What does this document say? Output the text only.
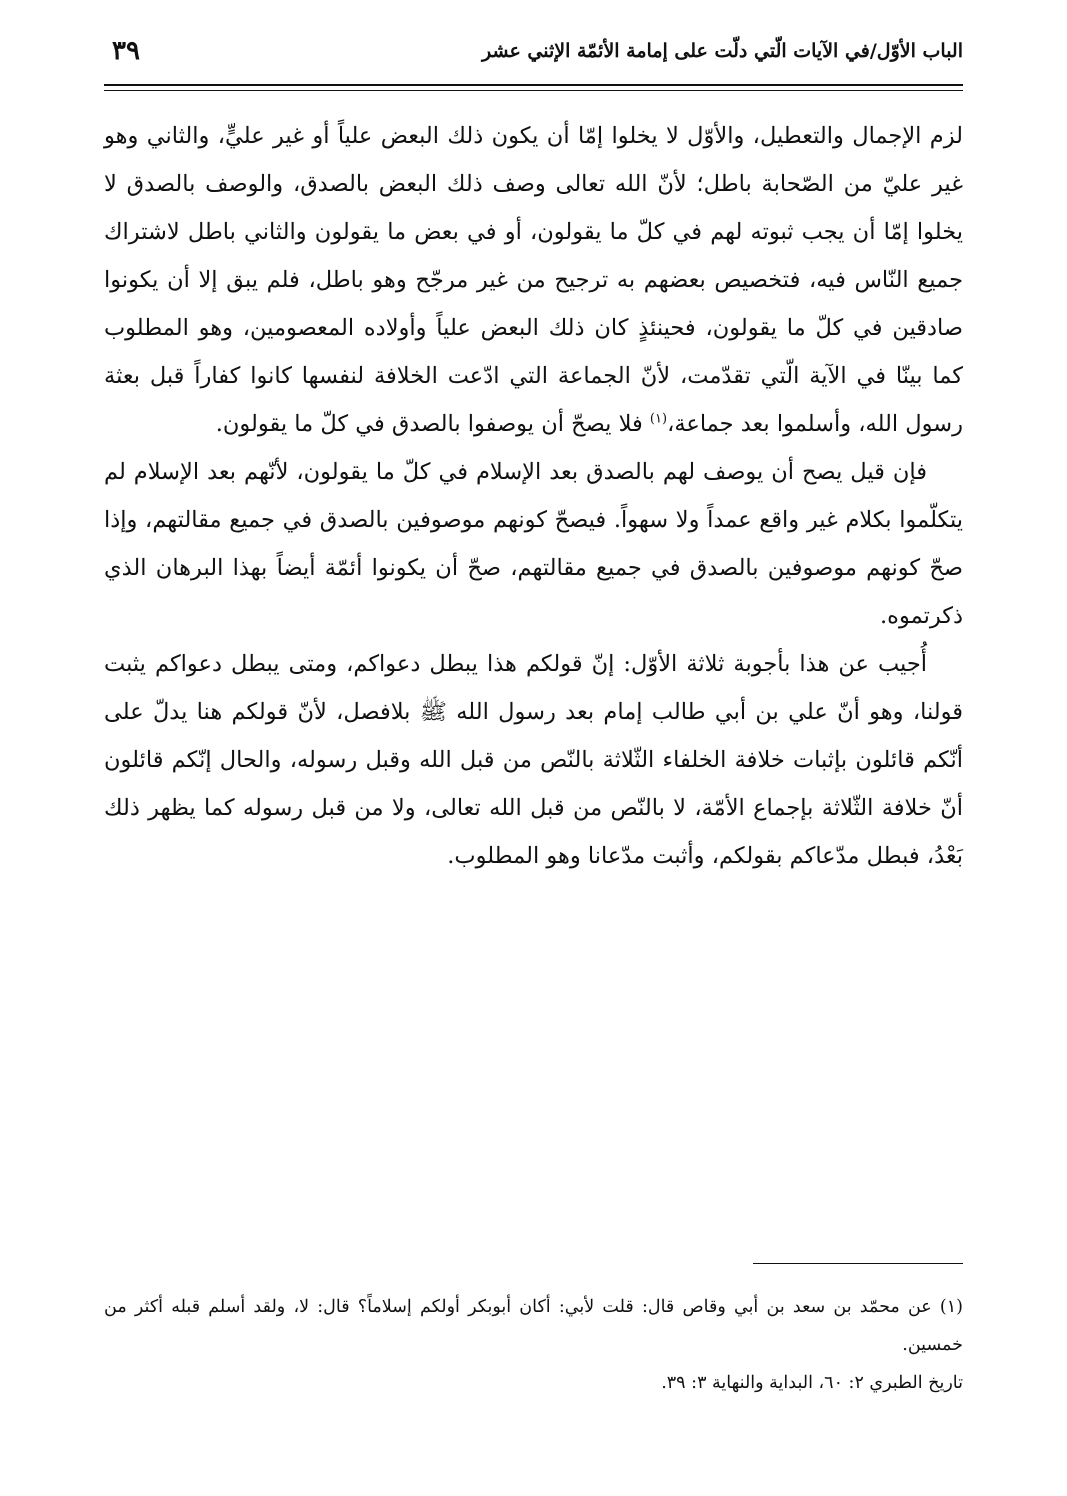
الباب الأوّل/في الآيات الّتي دلّت على إمامة الأئمّة الإثني عشر
٣٩

لزم الإجمال والتعطيل، والأوّل لا يخلوا إمّا أن يكون ذلك البعض علياً أو غير عليٍّ، والثاني وهو غير عليّ من الصّحابة باطل؛ لأنّ الله تعالى وصف ذلك البعض بالصدق، والوصف بالصدق لا يخلوا إمّا أن يجب ثبوته لهم في كلّ ما يقولون، أو في بعض ما يقولون والثاني باطل لاشتراك جميع النّاس فيه، فتخصيص بعضهم به ترجيح من غير مرجّح وهو باطل، فلم يبق إلا أن يكونوا صادقين في كلّ ما يقولون، فحينئذٍ كان ذلك البعض علياً وأولاده المعصومين، وهو المطلوب كما بينّا في الآية الّتي تقدّمت، لأنّ الجماعة التي ادّعت الخلافة لنفسها كانوا كفاراً قبل بعثة رسول الله، وأسلموا بعد جماعة،$^{(١)}$ فلا يصحّ أن يوصفوا بالصدق في كلّ ما يقولون.

فإن قيل يصح أن يوصف لهم بالصدق بعد الإسلام في كلّ ما يقولون، لأنّهم بعد الإسلام لم يتكلّموا بكلام غير واقع عمداً ولا سهواً. فيصحّ كونهم موصوفين بالصدق في جميع مقالتهم، وإذا صحّ كونهم موصوفين بالصدق في جميع مقالتهم، صحّ أن يكونوا أئمّة أيضاً بهذا البرهان الذي ذكرتموه.

أُجيب عن هذا بأجوبة ثلاثة الأوّل: إنّ قولكم هذا يبطل دعواكم، ومتى يبطل دعواكم يثبت قولنا، وهو أنّ علي بن أبي طالب إمام بعد رسول الله ﷺ بلافصل، لأنّ قولكم هنا يدلّ على أنّكم قائلون بإثبات خلافة الخلفاء الثّلاثة بالنّص من قبل الله وقبل رسوله، والحال إنّكم قائلون أنّ خلافة الثّلاثة بإجماع الأمّة، لا بالنّص من قبل الله تعالى، ولا من قبل رسوله كما يظهر ذلك بَعْدُ، فبطل مدّعاكم بقولكم، وأثبت مدّعانا وهو المطلوب.

(١) عن محمّد بن سعد بن أبي وقاص قال: قلت لأبي: أكان أبوبكر أولكم إسلاماً؟ قال: لا، ولقد أسلم قبله أكثر من خمسين.

تاريخ الطبري ٢: ٦٠، البداية والنهاية ٣: ٣٩.
